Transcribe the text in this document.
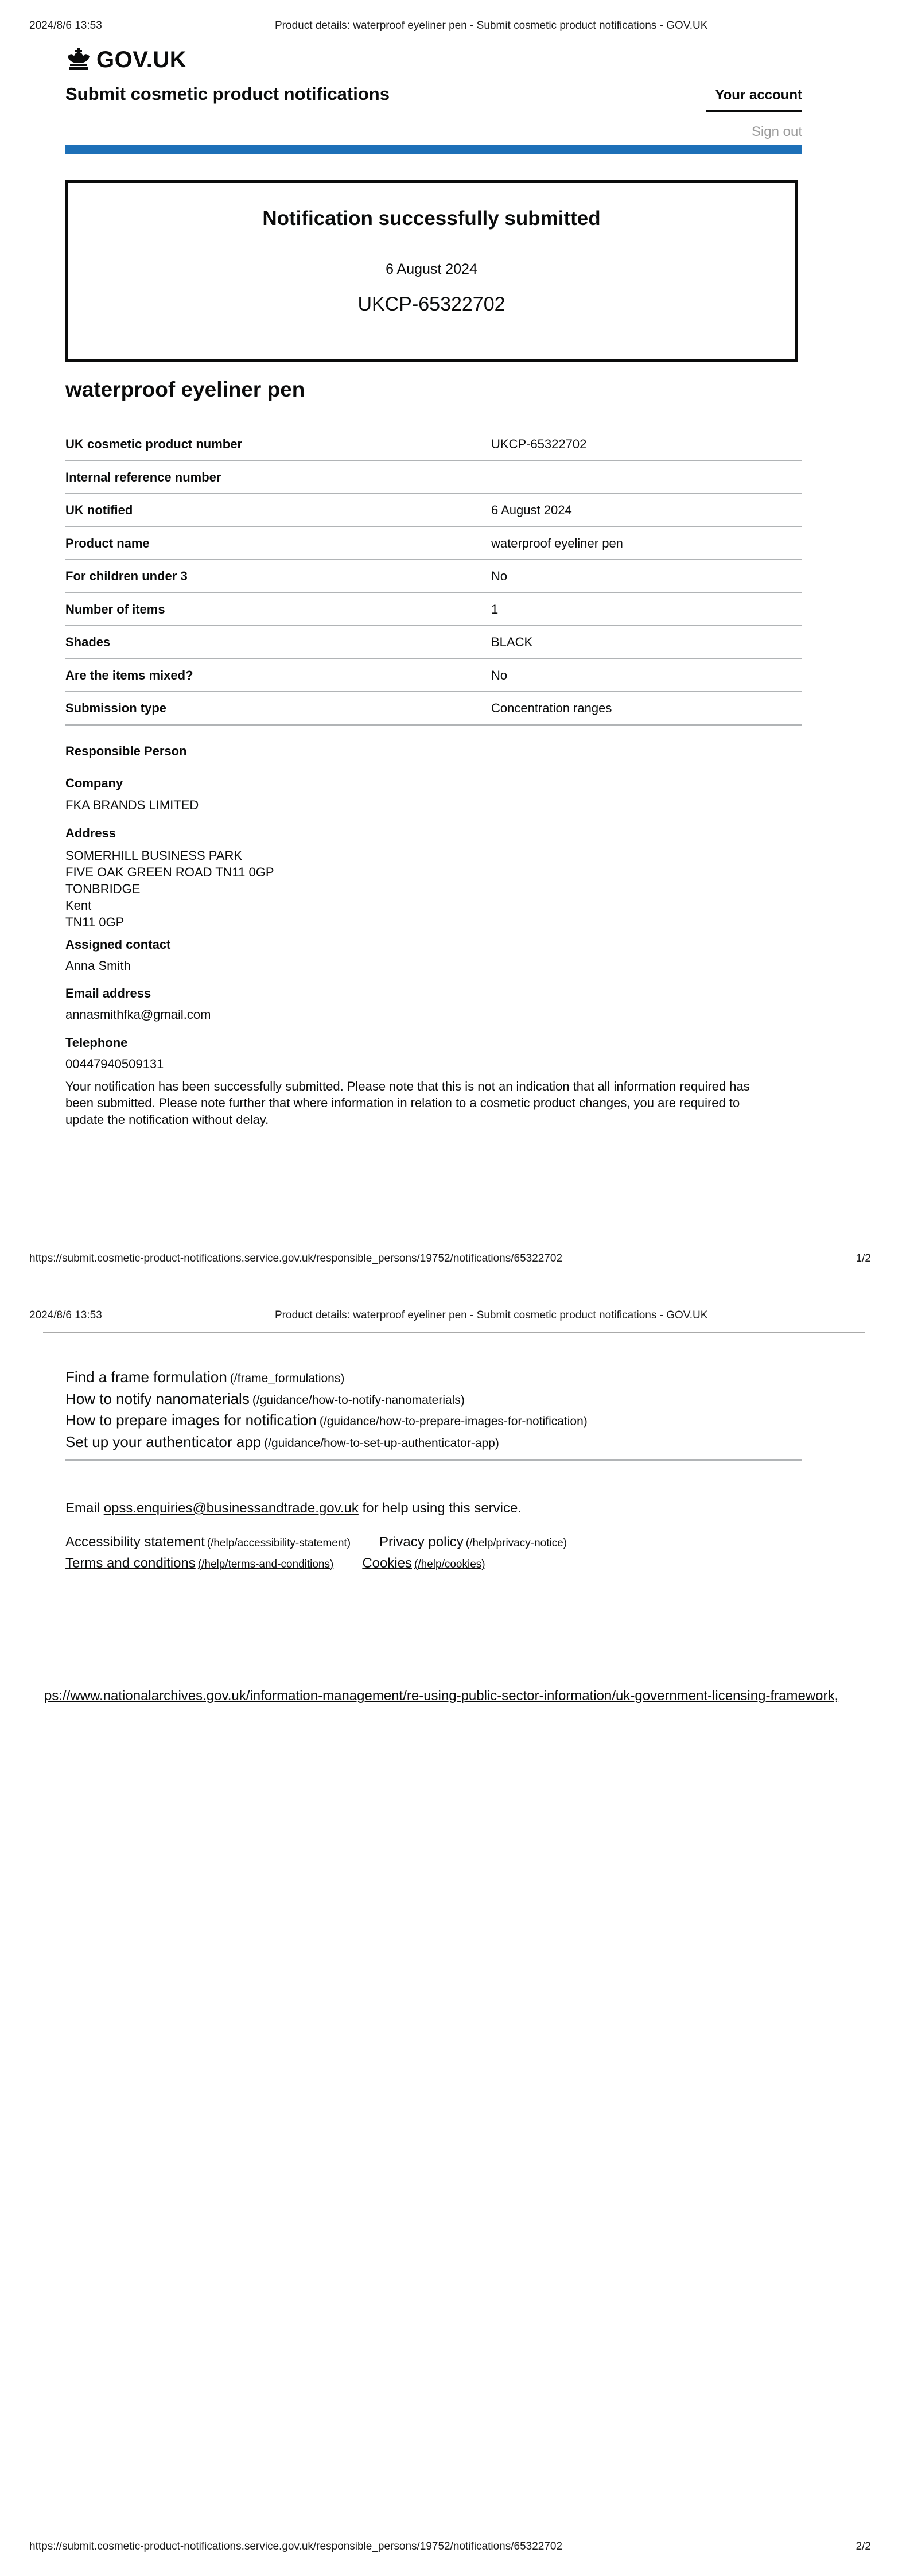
2024/8/6 13:53	Product details: waterproof eyeliner pen - Submit cosmetic product notifications - GOV.UK
GOV.UK
Submit cosmetic product notifications	Your account
Sign out
Notification successfully submitted
6 August 2024
UKCP-65322702
waterproof eyeliner pen
UK cosmetic product number	UKCP-65322702
Internal reference number
UK notified	6 August 2024
Product name	waterproof eyeliner pen
For children under 3	No
Number of items	1
Shades	BLACK
Are the items mixed?	No
Submission type	Concentration ranges
Responsible Person
Company
FKA BRANDS LIMITED
Address
SOMERHILL BUSINESS PARK
FIVE OAK GREEN ROAD TN11 0GP
TONBRIDGE
Kent
TN11 0GP
Assigned contact
Anna Smith
Email address
annasmithfka@gmail.com
Telephone
00447940509131
Your notification has been successfully submitted. Please note that this is not an indication that all information required has been submitted. Please note further that where information in relation to a cosmetic product changes, you are required to update the notification without delay.
https://submit.cosmetic-product-notifications.service.gov.uk/responsible_persons/19752/notifications/65322702	1/2
2024/8/6 13:53	Product details: waterproof eyeliner pen - Submit cosmetic product notifications - GOV.UK
Find a frame formulation (/frame_formulations)
How to notify nanomaterials (/guidance/how-to-notify-nanomaterials)
How to prepare images for notification (/guidance/how-to-prepare-images-for-notification)
Set up your authenticator app (/guidance/how-to-set-up-authenticator-app)
Email opss.enquiries@businessandtrade.gov.uk for help using this service.
Accessibility statement (/help/accessibility-statement) Privacy policy (/help/privacy-notice)
Terms and conditions (/help/terms-and-conditions) Cookies (/help/cookies)
ps://www.nationalarchives.gov.uk/information-management/re-using-public-sector-information/uk-government-licensing-framework,
https://submit.cosmetic-product-notifications.service.gov.uk/responsible_persons/19752/notifications/65322702	2/2
